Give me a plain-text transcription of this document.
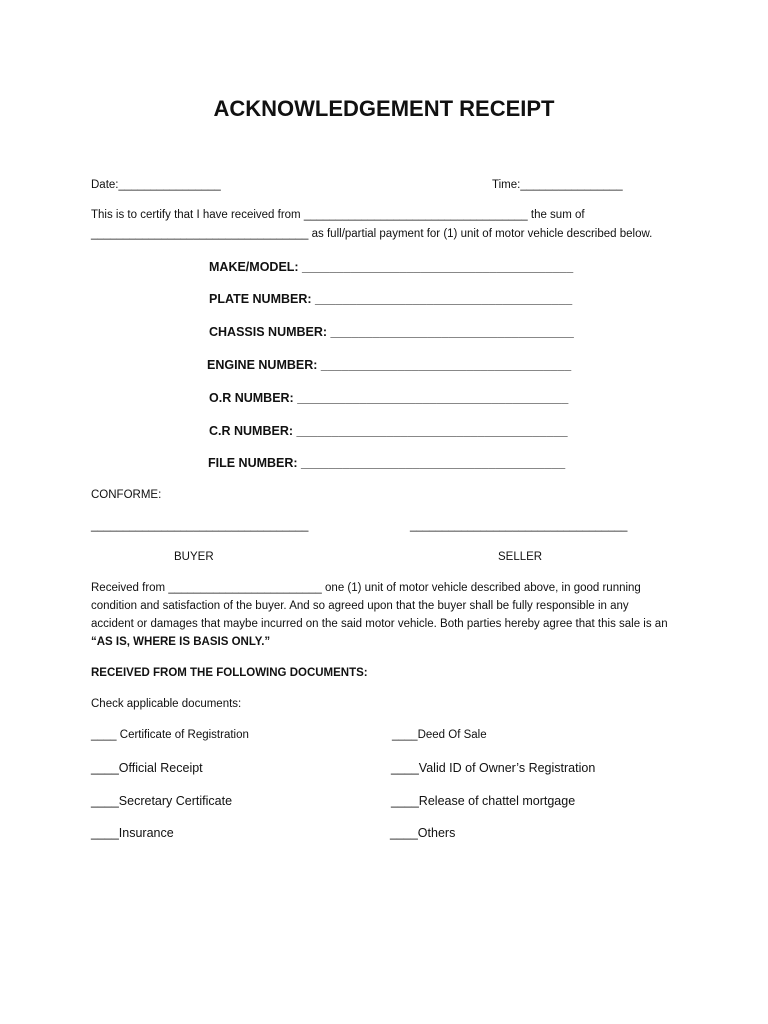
ACKNOWLEDGEMENT RECEIPT
Date:________________	Time:________________
This is to certify that I have received from ___________________________________ the sum of
__________________________________ as full/partial payment for (1) unit of motor vehicle described below.
MAKE/MODEL: _______________________________________
PLATE NUMBER: _____________________________________
CHASSIS NUMBER: ___________________________________
ENGINE NUMBER: ____________________________________
O.R NUMBER: _______________________________________
C.R NUMBER: _______________________________________
FILE NUMBER: ______________________________________
CONFORME:
__________________________________	__________________________________
BUYER	SELLER
Received from ________________________ one (1) unit of motor vehicle described above, in good running
condition and satisfaction of the buyer. And so agreed upon that the buyer shall be fully responsible in any
accident or damages that maybe incurred on the said motor vehicle. Both parties hereby agree that this sale is an
“AS IS, WHERE IS BASIS ONLY.”
RECEIVED FROM THE FOLLOWING DOCUMENTS:
Check applicable documents:
____ Certificate of Registration	____Deed Of Sale
____Official Receipt	____Valid ID of Owner’s Registration
____Secretary Certificate	____Release of chattel mortgage
____Insurance	____Others
